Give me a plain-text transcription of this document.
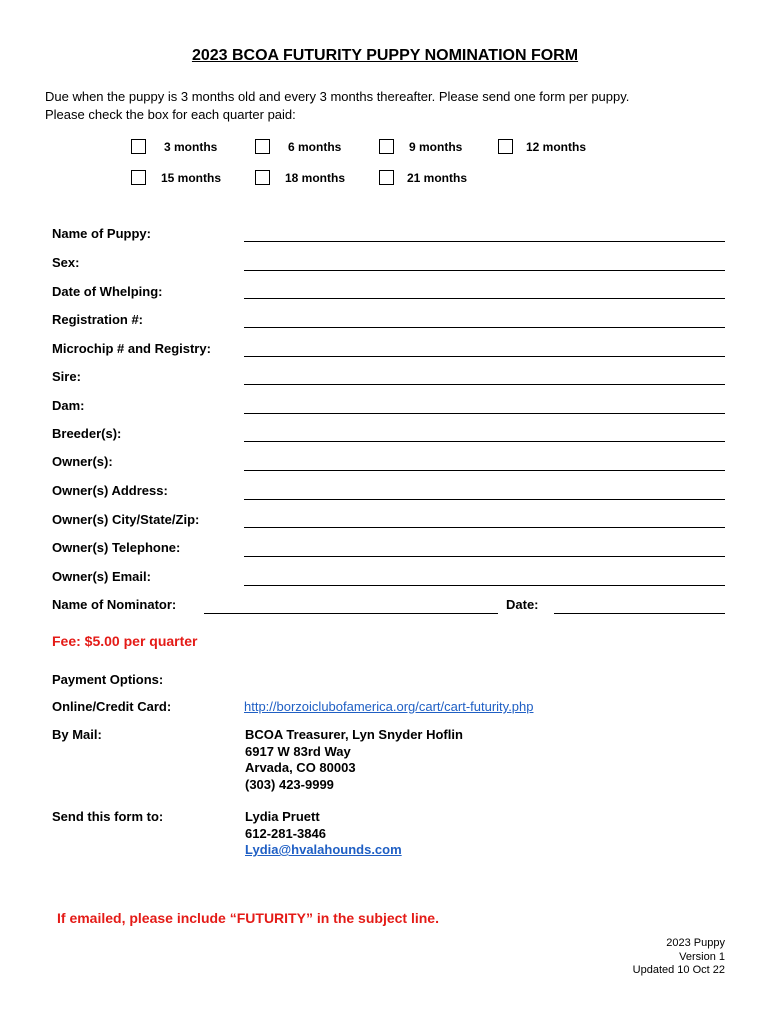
2023 BCOA FUTURITY PUPPY NOMINATION FORM
Due when the puppy is 3 months old and every 3 months thereafter. Please send one form per puppy.
Please check the box for each quarter paid:
3 months	6 months	9 months	12 months
15 months	18 months	21 months
Name of Puppy:
Sex:
Date of Whelping:
Registration #:
Microchip # and Registry:
Sire:
Dam:
Breeder(s):
Owner(s):
Owner(s) Address:
Owner(s) City/State/Zip:
Owner(s) Telephone:
Owner(s) Email:
Name of Nominator:	Date:
Fee: $5.00 per quarter
Payment Options:
Online/Credit Card:	http://borzoiclubofamerica.org/cart/cart-futurity.php
By Mail:	BCOA Treasurer, Lyn Snyder Hoflin
6917 W 83rd Way
Arvada, CO 80003
(303) 423-9999
Send this form to:	Lydia Pruett
612-281-3846
Lydia@hvalahounds.com
If emailed, please include “FUTURITY” in the subject line.
2023 Puppy
Version 1
Updated 10 Oct 22
